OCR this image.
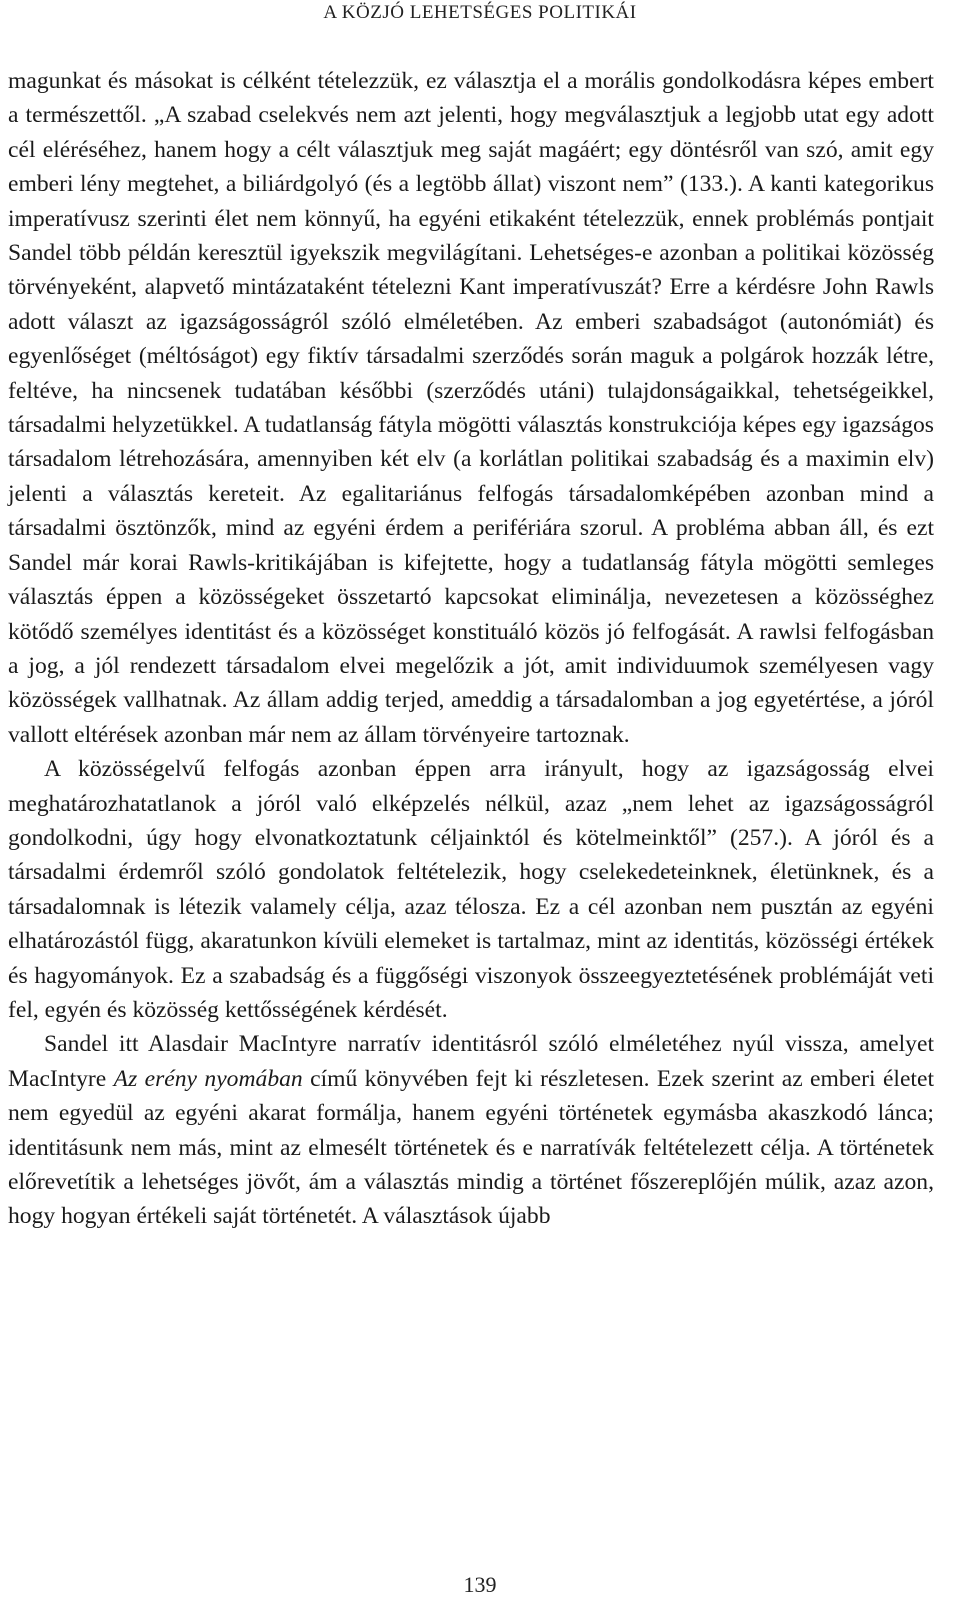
A KÖZJÓ LEHETSÉGES POLITIKÁI

magunkat és másokat is célként tételezzük, ez választja el a morális gondolkodásra képes embert a természettől. „A szabad cselekvés nem azt jelenti, hogy megválasztjuk a legjobb utat egy adott cél eléréséhez, hanem hogy a célt választjuk meg saját magáért; egy döntésről van szó, amit egy emberi lény megtehet, a biliárdgolyó (és a legtöbb állat) viszont nem” (133.). A kanti kategorikus imperatívusz szerinti élet nem könnyű, ha egyéni etikaként tételezzük, ennek problémás pontjait Sandel több példán keresztül igyekszik megvilágítani. Lehetséges-e azonban a politikai közösség törvényeként, alapvető mintázataként tételezni Kant imperatívuszát? Erre a kérdésre John Rawls adott választ az igazságosságról szóló elméletében. Az emberi szabadságot (autonómiát) és egyenlőséget (méltóságot) egy fiktív társadalmi szerződés során maguk a polgárok hozzák létre, feltéve, ha nincsenek tudatában későbbi (szerződés utáni) tulajdonságaikkal, tehetségeikkel, társadalmi helyzetükkel. A tudatlanság fátyla mögötti választás konstrukciója képes egy igazságos társadalom létrehozására, amennyiben két elv (a korlátlan politikai szabadság és a maximin elv) jelenti a választás kereteit. Az egalitariánus felfogás társadalomképében azonban mind a társadalmi ösztönzők, mind az egyéni érdem a perifériára szorul. A probléma abban áll, és ezt Sandel már korai Rawls-kritikájában is kifejtette, hogy a tudatlanság fátyla mögötti semleges választás éppen a közösségeket összetartó kapcsokat eliminálja, nevezetesen a közösséghez kötődő személyes identitást és a közösséget konstituáló közös jó felfogását. A rawlsi felfogásban a jog, a jól rendezett társadalom elvei megelőzik a jót, amit individuumok személyesen vagy közösségek vallhatnak. Az állam addig terjed, ameddig a társadalomban a jog egyetértése, a jóról vallott eltérések azonban már nem az állam törvényeire tartoznak.

A közösségelvű felfogás azonban éppen arra irányult, hogy az igazságosság elvei meghatározhatatlanok a jóról való elképzelés nélkül, azaz „nem lehet az igazságosságról gondolkodni, úgy hogy elvonatkoztatunk céljainktól és kötelmeinktől” (257.). A jóról és a társadalmi érdemről szóló gondolatok feltételezik, hogy cselekedeteinknek, életünknek, és a társadalomnak is létezik valamely célja, azaz télosza. Ez a cél azonban nem pusztán az egyéni elhatározástól függ, akaratunkon kívüli elemeket is tartalmaz, mint az identitás, közösségi értékek és hagyományok. Ez a szabadság és a függőségi viszonyok összeegyeztetésének problémáját veti fel, egyén és közösség kettősségének kérdését.

Sandel itt Alasdair MacIntyre narratív identitásról szóló elméletéhez nyúl vissza, amelyet MacIntyre Az erény nyomában című könyvében fejt ki részletesen. Ezek szerint az emberi életet nem egyedül az egyéni akarat formálja, hanem egyéni történetek egymásba akaszkodó lánca; identitásunk nem más, mint az elmesélt történetek és e narratívák feltételezett célja. A történetek előrevetítik a lehetséges jövőt, ám a választás mindig a történet főszereplőjén múlik, azaz azon, hogy hogyan értékeli saját történetét. A választások újabb

139
